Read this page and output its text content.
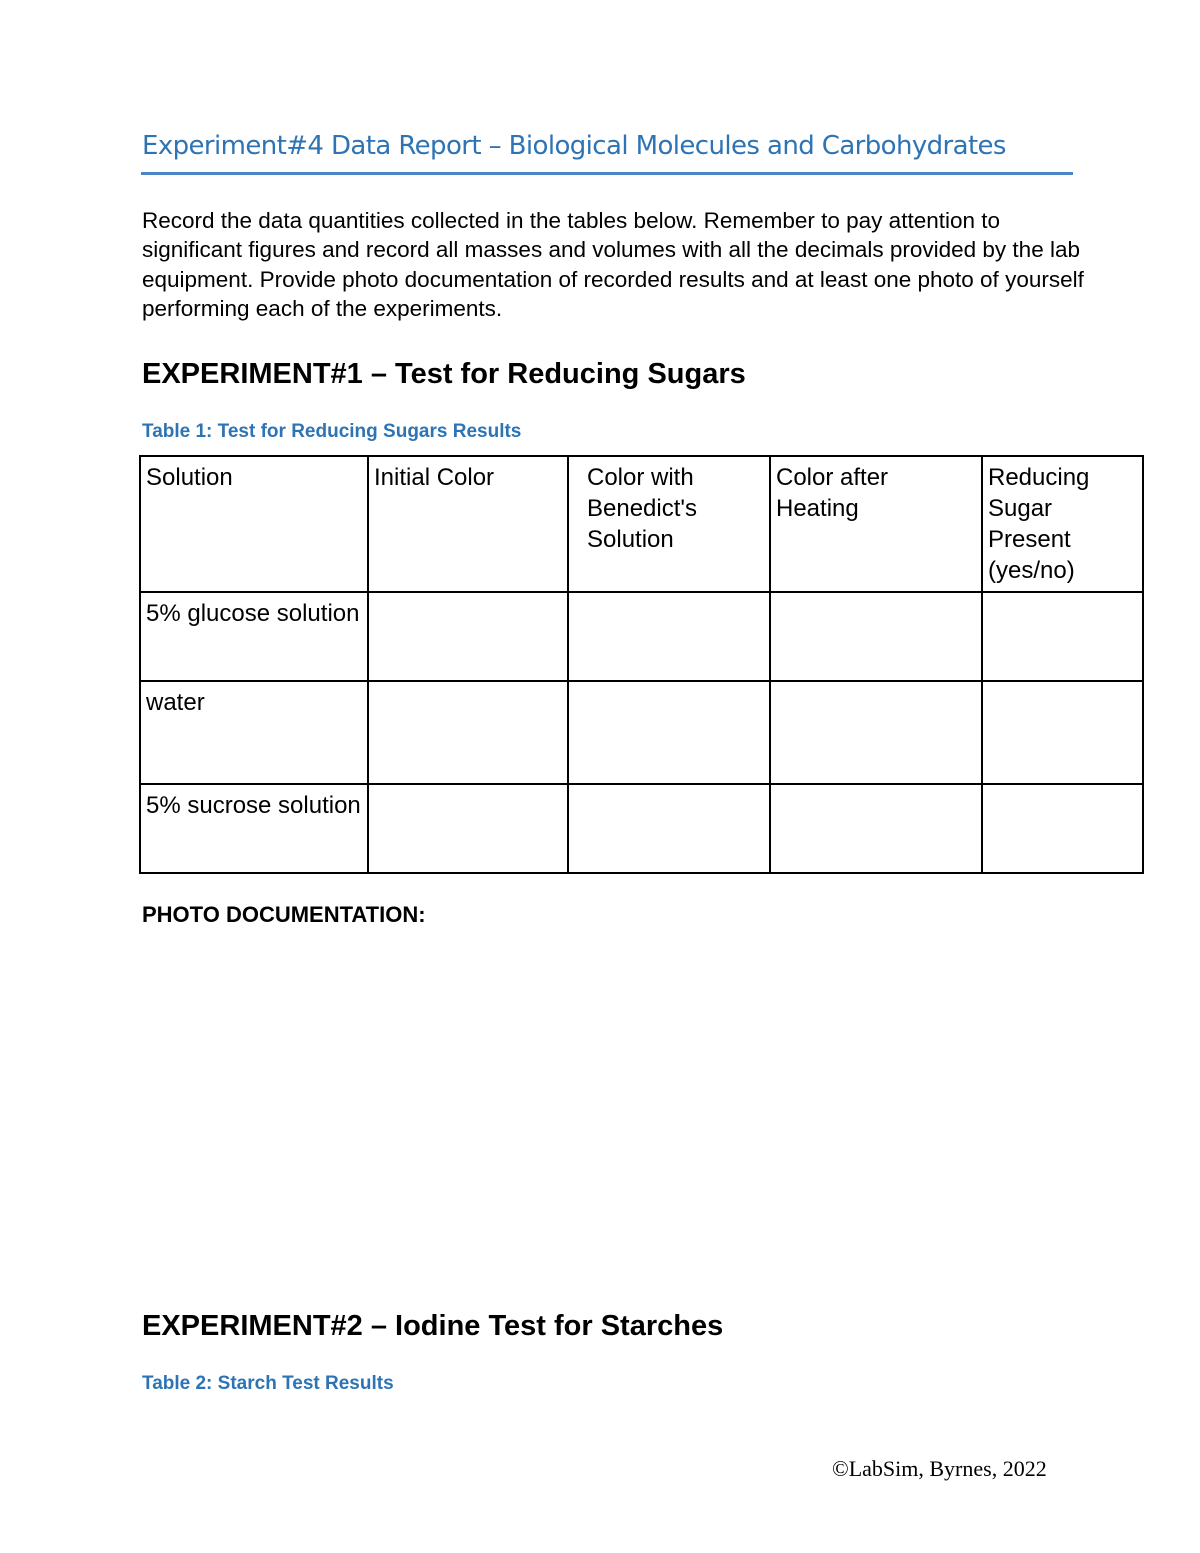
Experiment#4 Data Report – Biological Molecules and Carbohydrates

Record the data quantities collected in the tables below. Remember to pay attention to significant figures and record all masses and volumes with all the decimals provided by the lab equipment. Provide photo documentation of recorded results and at least one photo of yourself performing each of the experiments.

EXPERIMENT#1 – Test for Reducing Sugars

Table 1: Test for Reducing Sugars Results

Solution	Initial Color	Color with Benedict's Solution	Color after Heating	Reducing Sugar Present (yes/no)
5% glucose solution				
water				
5% sucrose solution				

PHOTO DOCUMENTATION:

EXPERIMENT#2 – Iodine Test for Starches

Table 2: Starch Test Results

©LabSim, Byrnes, 2022
